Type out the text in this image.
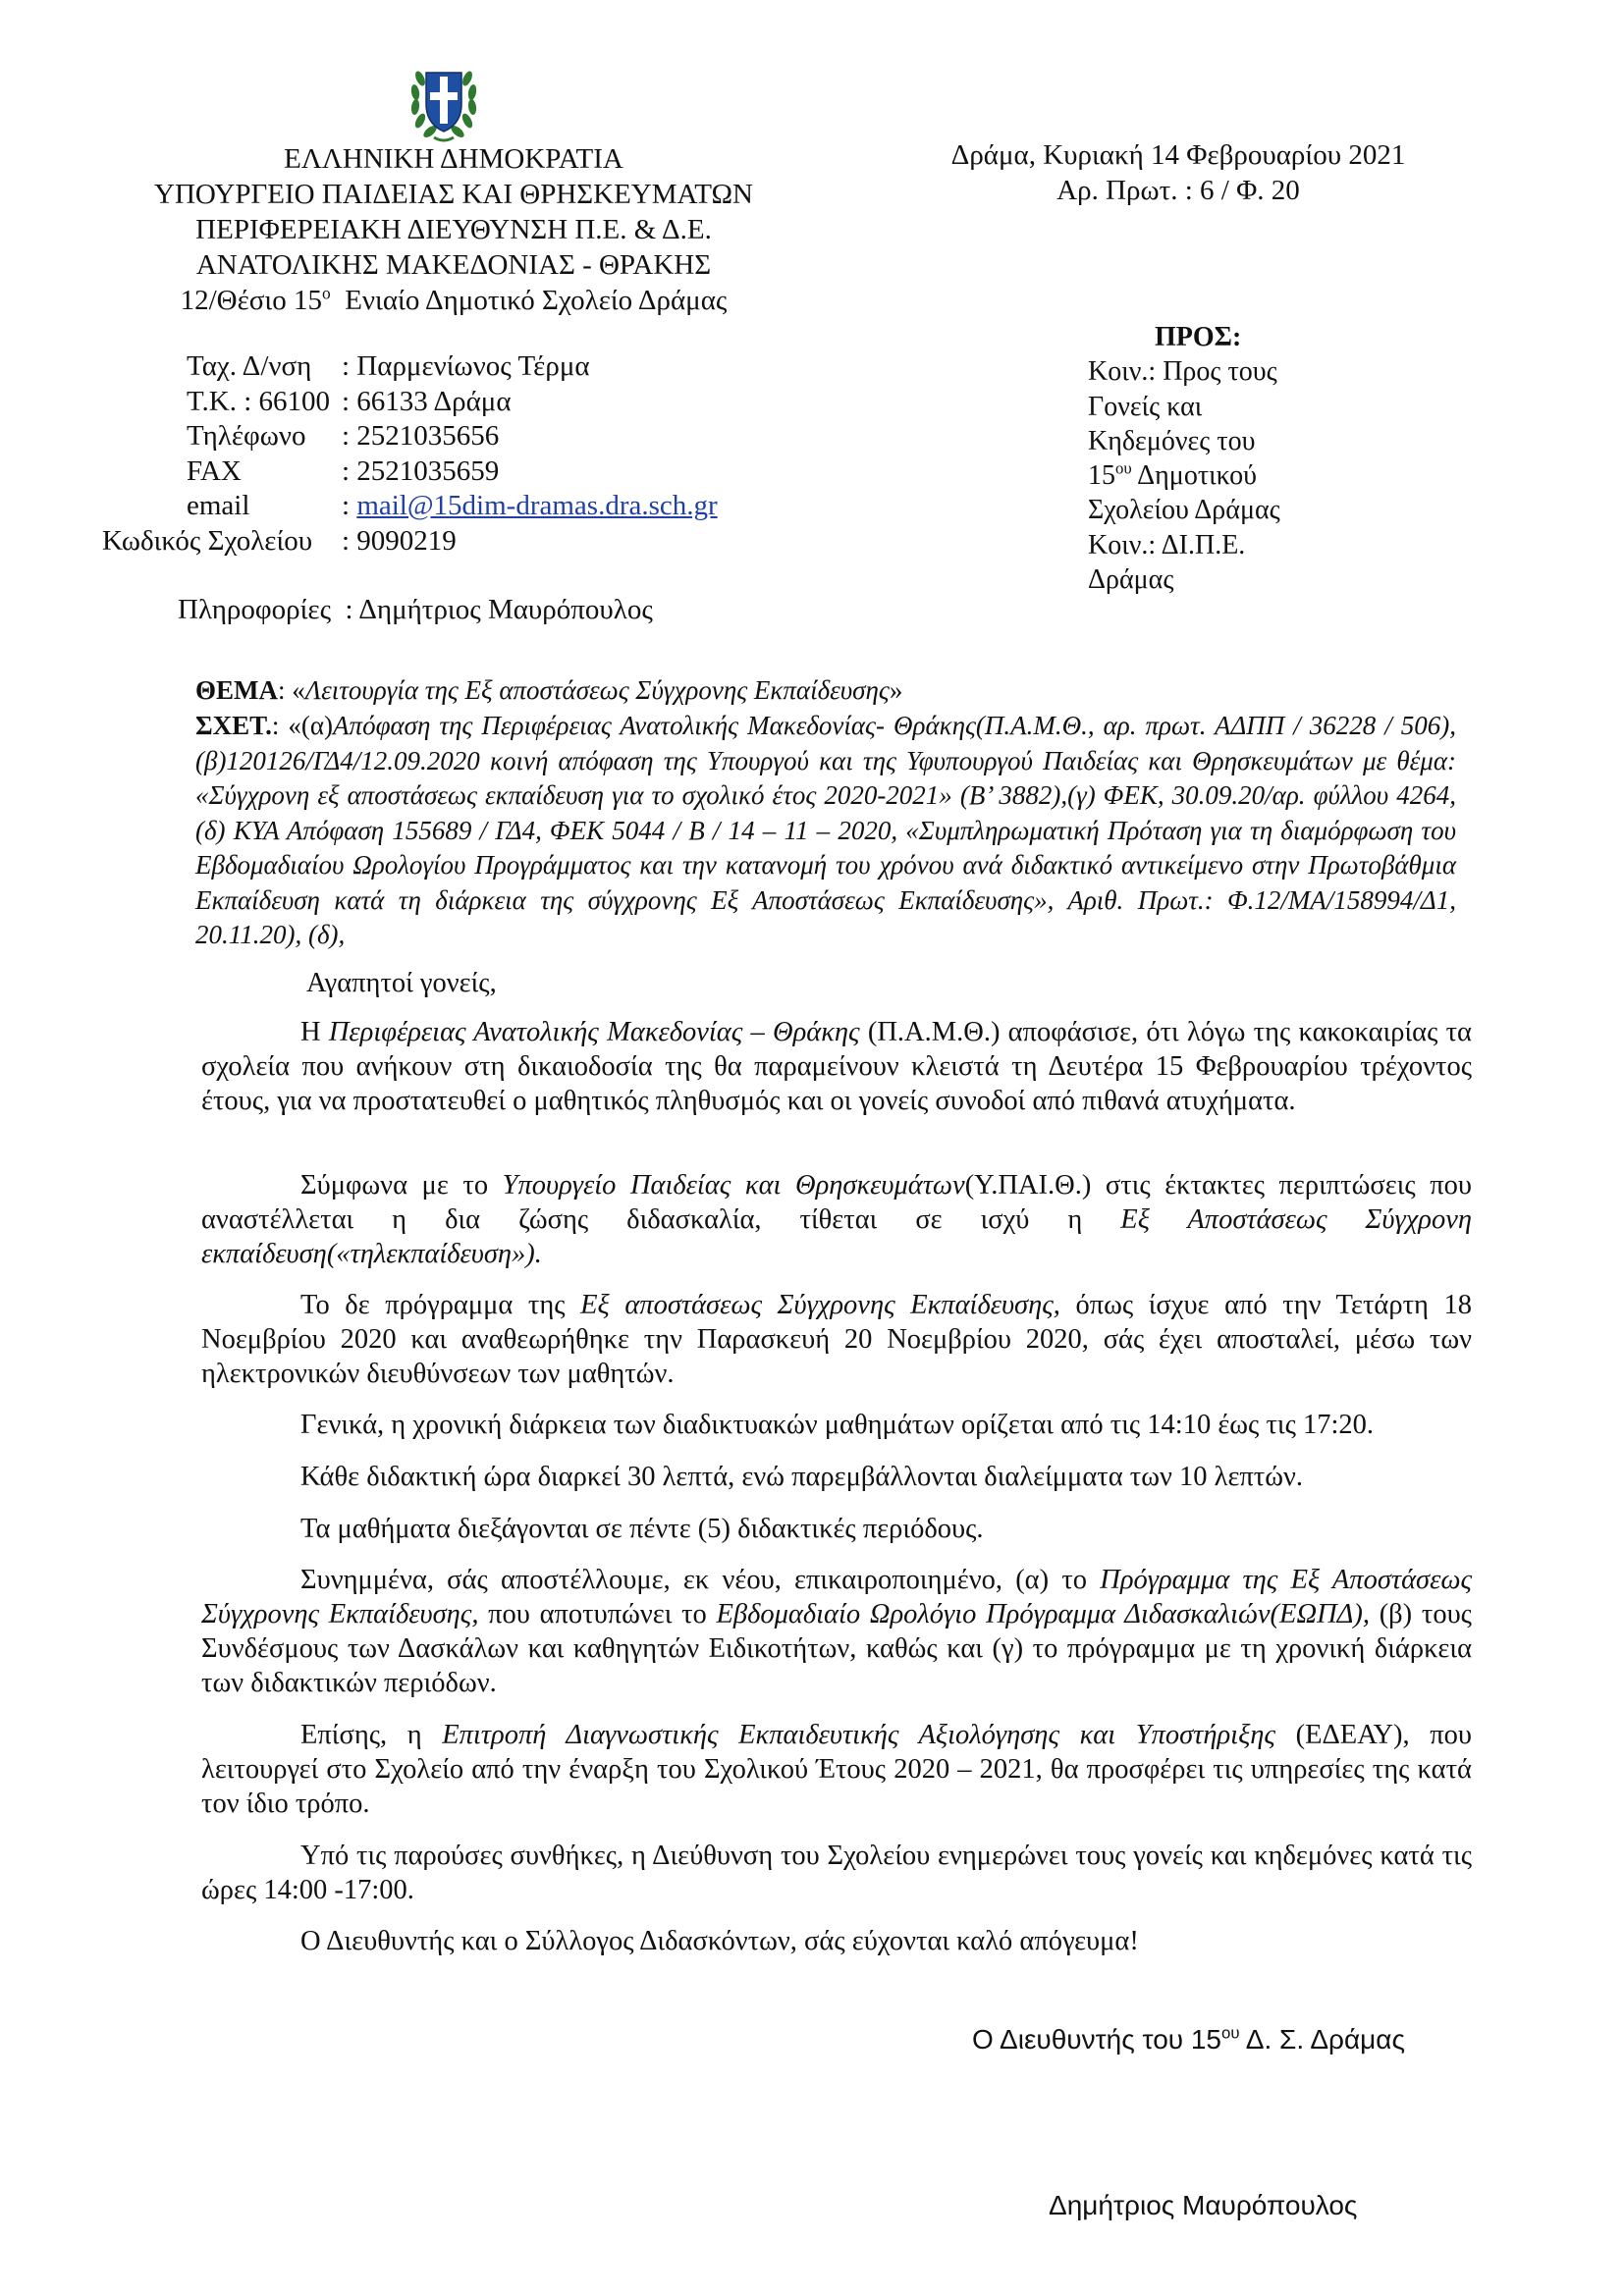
ΕΛΛΗΝΙΚΗ ΔΗΜΟΚΡΑΤΙΑ
ΥΠΟΥΡΓΕΙΟ ΠΑΙΔΕΙΑΣ ΚΑΙ ΘΡΗΣΚΕΥΜΑΤΩΝ
ΠΕΡΙΦΕΡΕΙΑΚΗ ΔΙΕΥΘΥΝΣΗ Π.Ε. & Δ.Ε.
ΑΝΑΤΟΛΙΚΗΣ ΜΑΚΕΔΟΝΙΑΣ - ΘΡΑΚΗΣ
12/Θέσιο $15^o$  Ενιαίο Δημοτικό Σχολείο Δράμας
Δράμα, Κυριακή 14 Φεβρουαρίου 2021
Αρ. Πρωτ. : 6 / Φ. 20
Ταχ. Δ/νση : Παρμενίωνος Τέρμα
Τ.Κ. : 66100 : 66133 Δράμα
Τηλέφωνο : 2521035656
FAX	: 2521035659
email	: mail@15dim-dramas.dra.sch.gr
Κωδικός Σχολείου : 9090219
Πληροφορίες  : Δημήτριος Μαυρόπουλος
ΠΡΟΣ:
Κοιν.: Προς τους
Γονείς και
Κηδεμόνες του
$15^{o\upsilon}$ Δημοτικού
Σχολείου Δράμας
Κοιν.: ΔΙ.Π.Ε.
Δράμας
ΘΕΜΑ: «Λειτουργία της Εξ αποστάσεως Σύγχρονης Εκπαίδευσης»
ΣΧΕΤ.: «(α)Απόφαση της Περιφέρειας Ανατολικής Μακεδονίας- Θράκης(Π.Α.Μ.Θ., αρ. πρωτ. ΑΔΠΠ / 36228 / 506), (β)120126/ΓΔ4/12.09.2020 κοινή απόφαση της Υπουργού και της Υφυπουργού Παιδείας και Θρησκευμάτων με θέμα: «Σύγχρονη εξ αποστάσεως εκπαίδευση για το σχολικό έτος 2020-2021» (Β’ 3882),(γ) ΦΕΚ, 30.09.20/αρ. φύλλου 4264, (δ) ΚΥΑ Απόφαση 155689 / ΓΔ4, ΦΕΚ 5044 / Β / 14 – 11 – 2020, «Συμπληρωματική Πρόταση για τη διαμόρφωση του Εβδομαδιαίου Ωρολογίου Προγράμματος και την κατανομή του χρόνου ανά διδακτικό αντικείμενο στην Πρωτοβάθμια Εκπαίδευση κατά τη διάρκεια της σύγχρονης Εξ Αποστάσεως Εκπαίδευσης», Αριθ. Πρωτ.: Φ.12/ΜΑ/158994/Δ1, 20.11.20), (δ),
Αγαπητοί γονείς,
Η Περιφέρειας Ανατολικής Μακεδονίας – Θράκης (Π.Α.Μ.Θ.) αποφάσισε, ότι λόγω της κακοκαιρίας τα σχολεία που ανήκουν στη δικαιοδοσία της θα παραμείνουν κλειστά τη Δευτέρα 15 Φεβρουαρίου τρέχοντος έτους, για να προστατευθεί ο μαθητικός πληθυσμός και οι γονείς συνοδοί από πιθανά ατυχήματα.
Σύμφωνα με το Υπουργείο Παιδείας και Θρησκευμάτων(Υ.ΠΑΙ.Θ.) στις έκτακτες περιπτώσεις που αναστέλλεται η δια ζώσης διδασκαλία, τίθεται σε ισχύ η Εξ Αποστάσεως Σύγχρονη εκπαίδευση(«τηλεκπαίδευση»).
Το δε πρόγραμμα της Εξ αποστάσεως Σύγχρονης Εκπαίδευσης, όπως ίσχυε από την Τετάρτη 18 Νοεμβρίου 2020 και αναθεωρήθηκε την Παρασκευή 20 Νοεμβρίου 2020, σάς έχει αποσταλεί, μέσω των ηλεκτρονικών διευθύνσεων των μαθητών.
Γενικά, η χρονική διάρκεια των διαδικτυακών μαθημάτων ορίζεται από τις 14:10 έως τις 17:20.
Κάθε διδακτική ώρα διαρκεί 30 λεπτά, ενώ παρεμβάλλονται διαλείμματα των 10 λεπτών.
Τα μαθήματα διεξάγονται σε πέντε (5) διδακτικές περιόδους.
Συνημμένα, σάς αποστέλλουμε, εκ νέου, επικαιροποιημένο, (α) το Πρόγραμμα της Εξ Αποστάσεως Σύγχρονης Εκπαίδευσης, που αποτυπώνει το Εβδομαδιαίο Ωρολόγιο Πρόγραμμα Διδασκαλιών(ΕΩΠΔ), (β) τους Συνδέσμους των Δασκάλων και καθηγητών Ειδικοτήτων, καθώς και (γ) το πρόγραμμα με τη χρονική διάρκεια των διδακτικών περιόδων.
Επίσης, η Επιτροπή Διαγνωστικής Εκπαιδευτικής Αξιολόγησης και Υποστήριξης (ΕΔΕΑΥ), που λειτουργεί στο Σχολείο από την έναρξη του Σχολικού Έτους 2020 – 2021, θα προσφέρει τις υπηρεσίες της κατά τον ίδιο τρόπο.
Υπό τις παρούσες συνθήκες, η Διεύθυνση του Σχολείου ενημερώνει τους γονείς και κηδεμόνες κατά τις ώρες 14:00 -17:00.
Ο Διευθυντής και ο Σύλλογος Διδασκόντων, σάς εύχονται καλό απόγευμα!
Ο Διευθυντής του $15^{o\upsilon}$ Δ. Σ. Δράμας
Δημήτριος Μαυρόπουλος
